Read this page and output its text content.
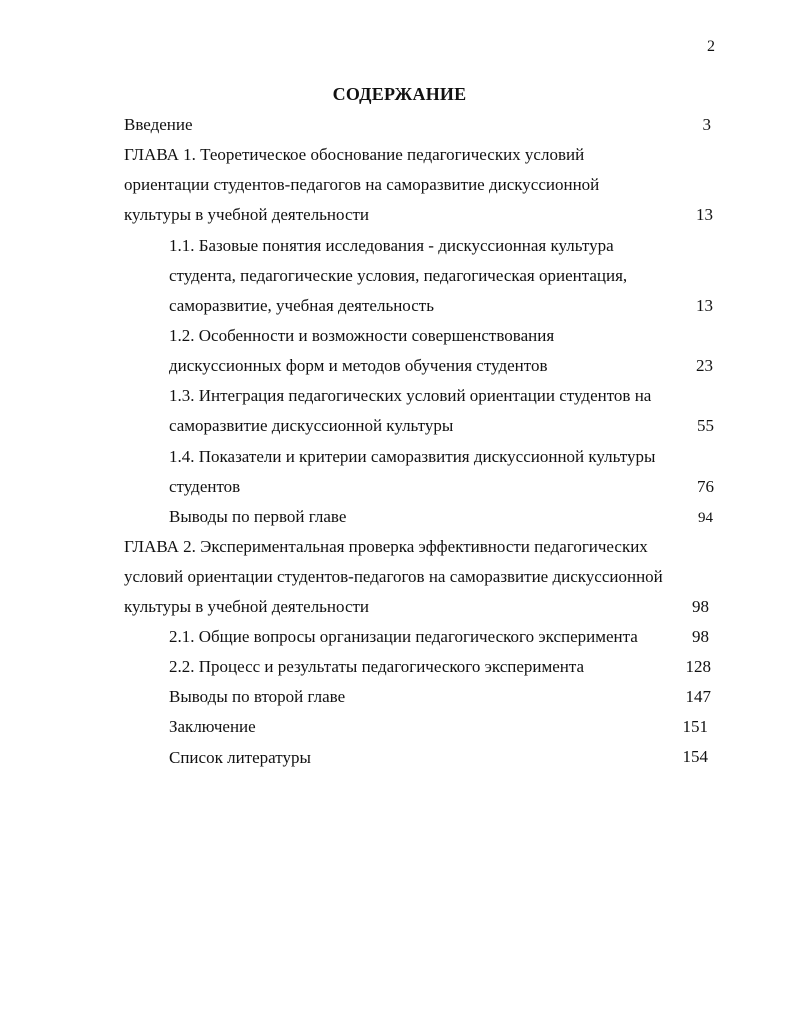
2
СОДЕРЖАНИЕ
Введение	3
ГЛАВА 1. Теоретическое обоснование педагогических условий
ориентации студентов-педагогов на саморазвитие дискуссионной
культуры в учебной деятельности	13
1.1. Базовые понятия исследования - дискуссионная культура
студента, педагогические условия, педагогическая ориентация,
саморазвитие, учебная деятельность	13
1.2. Особенности и возможности совершенствования
дискуссионных форм и методов обучения студентов	23
1.3. Интеграция педагогических условий ориентации студентов на
саморазвитие дискуссионной культуры	55
1.4. Показатели и критерии саморазвития дискуссионной культуры
студентов	76
Выводы по первой главе	94
ГЛАВА 2. Экспериментальная проверка эффективности педагогических
условий ориентации студентов-педагогов на саморазвитие дискуссионной
культуры в учебной деятельности	98
2.1. Общие вопросы организации педагогического эксперимента	98
2.2. Процесс и результаты педагогического эксперимента	128
Выводы по второй главе	147
Заключение	151
Список литературы	154
